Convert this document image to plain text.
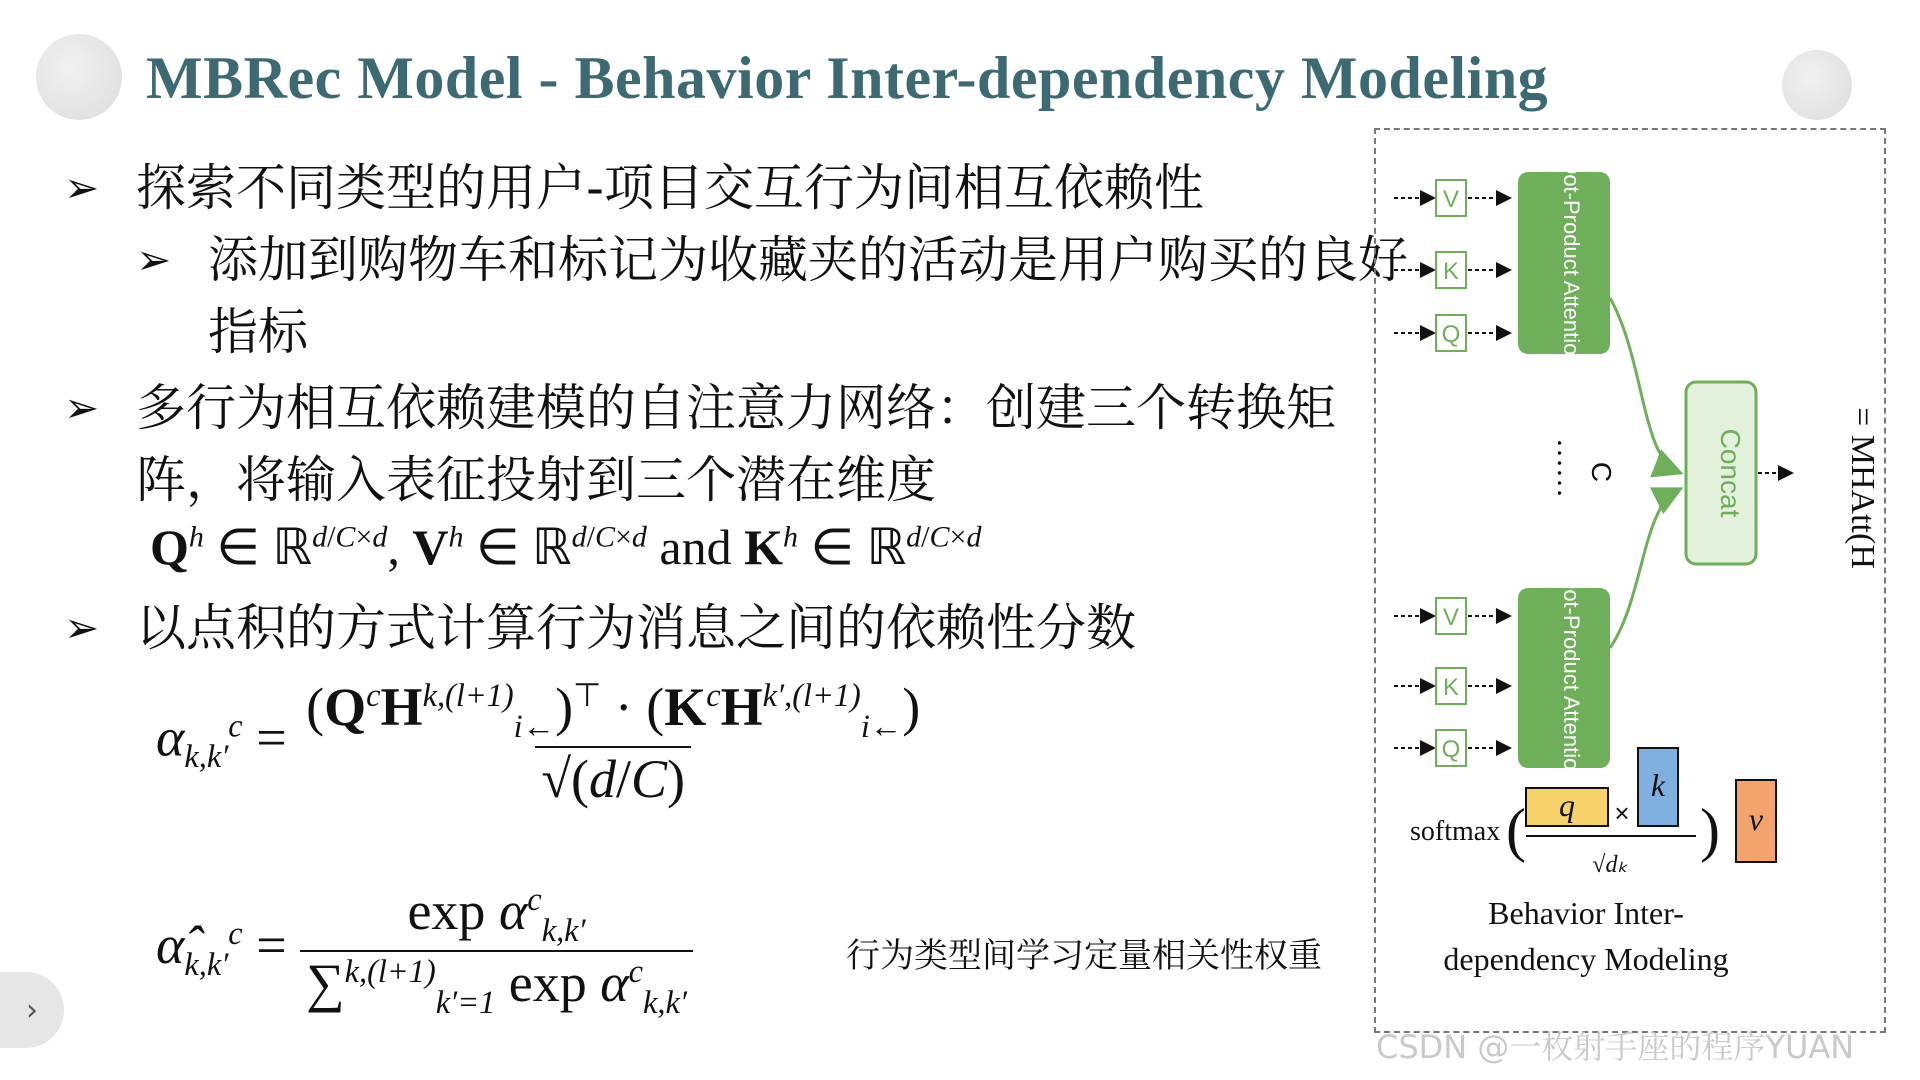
MBRec Model - Behavior Inter-dependency Modeling
➢ 探索不同类型的用户-项目交互行为间相互依赖性
➢ 添加到购物车和标记为收藏夹的活动是用户购买的良好指标
➢ 多行为相互依赖建模的自注意力网络：创建三个转换矩阵，将输入表征投射到三个潜在维度
$Q^h$ ∈ ℝ$^{d/C\times d}$, $V^h$ ∈ ℝ$^{d/C\times d}$ and $K^h$ ∈ ℝ$^{d/C\times d}$
➢ 以点积的方式计算行为消息之间的依赖性分数
$\alpha_{k,k'}^c = \frac{(Q^cH^{k,(l+1)}_{i\leftarrow})^⊤ \cdot (K^cH^{k',(l+1)}_{i\leftarrow})}{√(d/C)}$
$\alphâ_{k,k'}^c = \frac{\exp \alpha^c_{k,k'}}{\sum^{k,(l+1)}_{k'=1} \exp \alpha^c_{k,k'}}$	行为类型间学习定量相关性权重
V
K
Q	Dot-Product Attention
V
K
Q	Dot-Product Attention
…… C	Concat	= MHAtt(H
softmax ( q ×
k
√dₖ
) v
Behavior Inter-
dependency Modeling
CSDN @一枚射手座的程序YUAN
›
